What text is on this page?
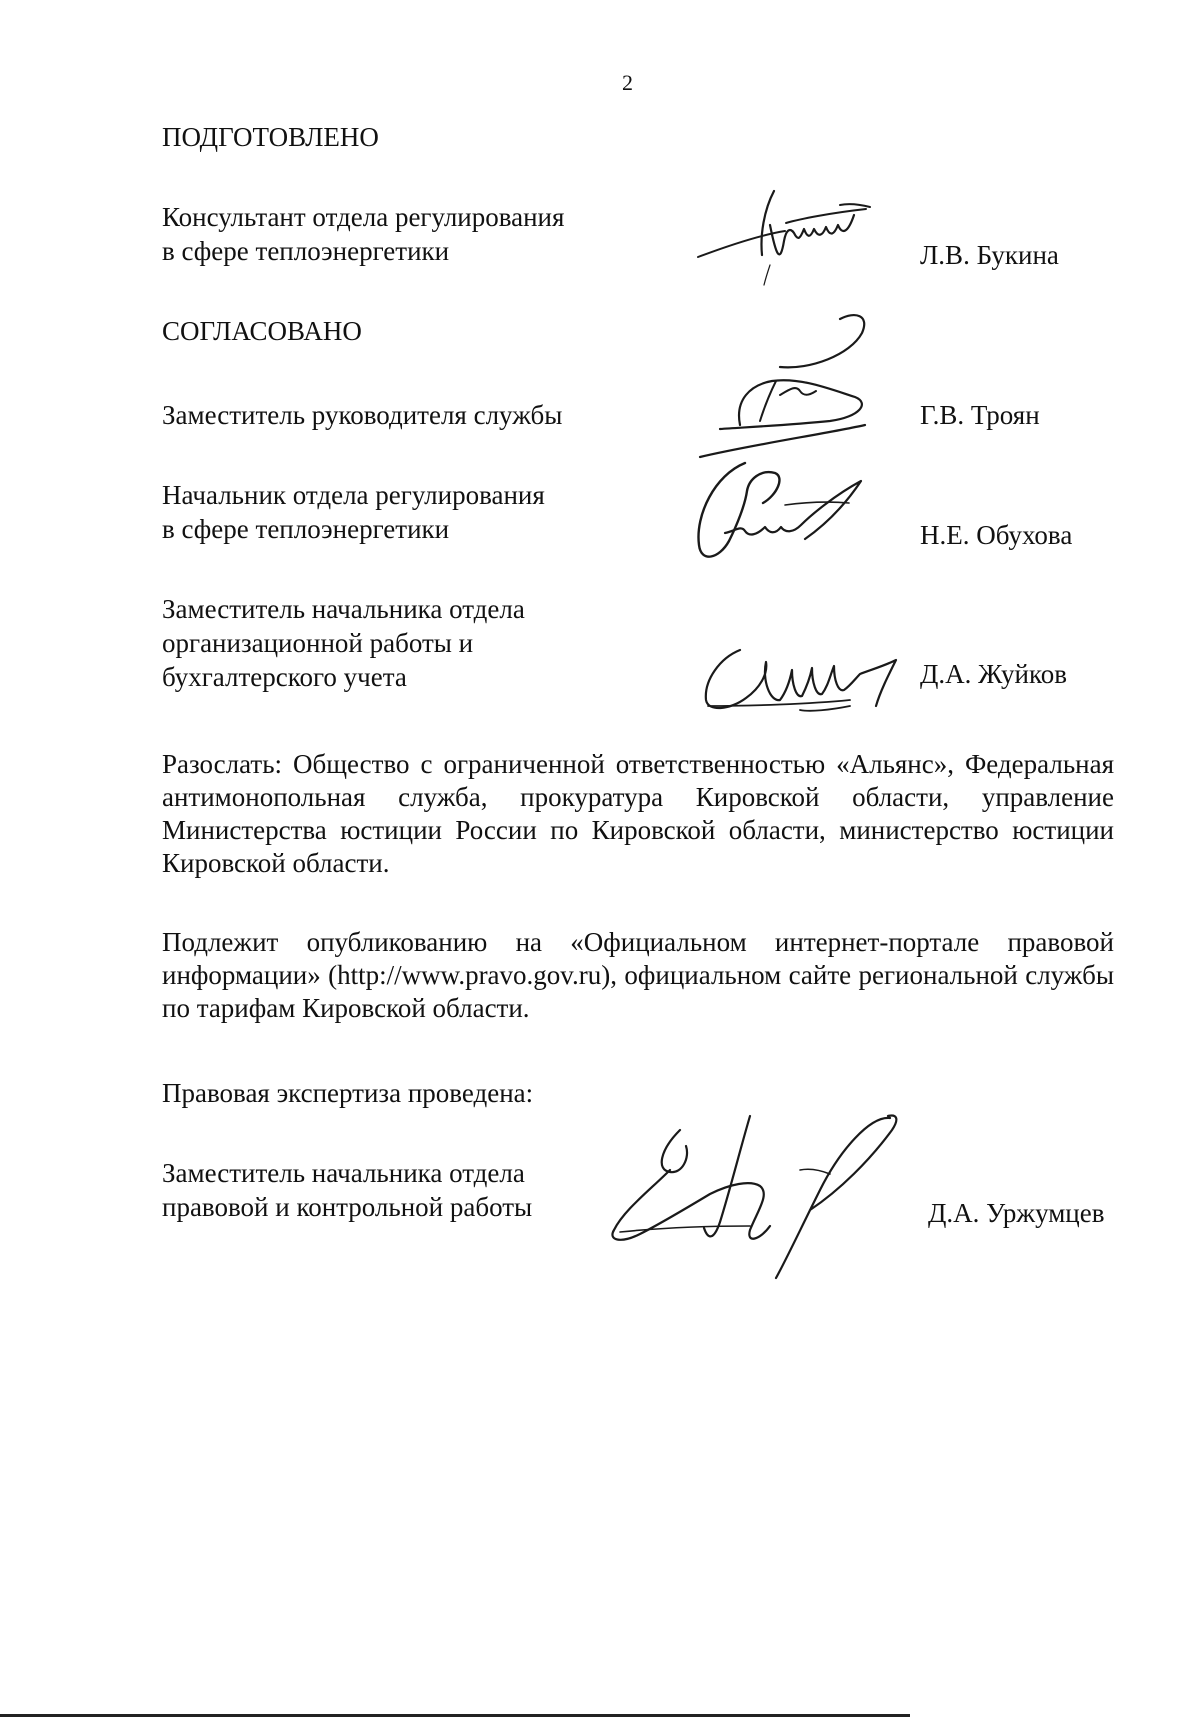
2
ПОДГОТОВЛЕНО
Консультант отдела регулирования
в сфере теплоэнергетики	Л.В. Букина
СОГЛАСОВАНО
Заместитель руководителя службы	Г.В. Троян
Начальник отдела регулирования
в сфере теплоэнергетики	Н.Е. Обухова
Заместитель начальника отдела
организационной работы и
бухгалтерского учета	Д.А. Жуйков

Разослать: Общество с ограниченной ответственностью «Альянс», Федеральная антимонопольная служба, прокуратура Кировской области, управление Министерства юстиции России по Кировской области, министерство юстиции Кировской области.

Подлежит опубликованию на «Официальном интернет-портале правовой информации» (http://www.pravo.gov.ru), официальном сайте региональной службы по тарифам Кировской области.

Правовая экспертиза проведена:
Заместитель начальника отдела
правовой и контрольной работы	Д.А. Уржумцев
